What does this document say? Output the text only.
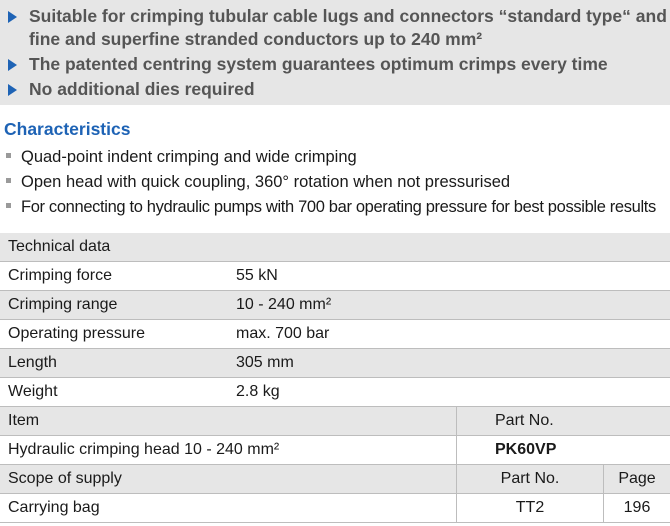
Suitable for crimping tubular cable lugs and connectors “standard type“ and
fine and superfine stranded conductors up to 240 mm²
The patented centring system guarantees optimum crimps every time
No additional dies required
Characteristics
Quad-point indent crimping and wide crimping
Open head with quick coupling, 360° rotation when not pressurised
For connecting to hydraulic pumps with 700 bar operating pressure for best possible results
Technical data			
Crimping force	55 kN		
Crimping range	10 - 240 mm²		
Operating pressure	max. 700 bar		
Length	305 mm		
Weight	2.8 kg		
Item		Part No.	
Hydraulic crimping head 10 - 240 mm²		PK60VP	
Scope of supply		Part No.	Page
Carrying bag		TT2	196
